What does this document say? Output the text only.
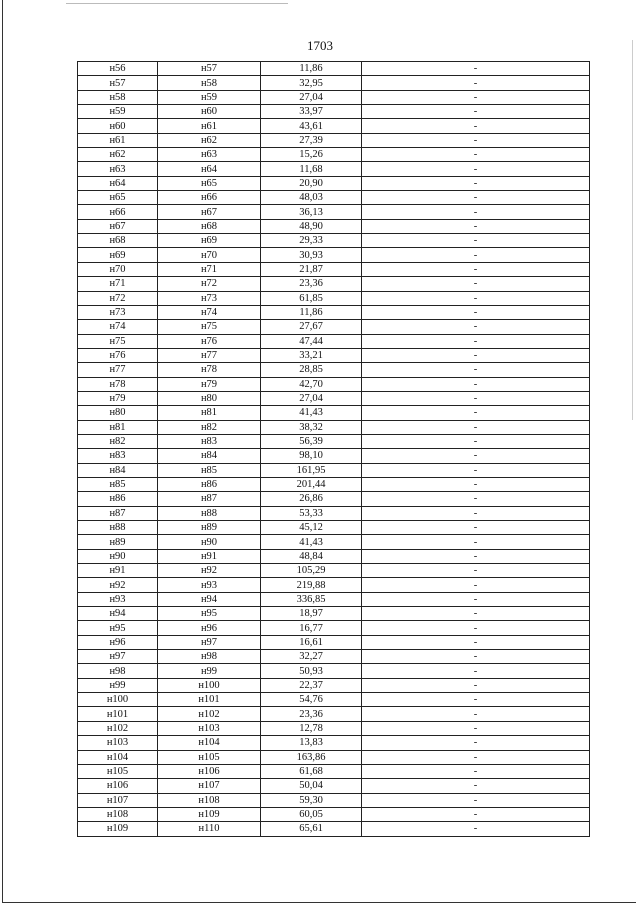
1703
н56	н57	11,86	-
н57	н58	32,95	-
н58	н59	27,04	-
н59	н60	33,97	-
н60	н61	43,61	-
н61	н62	27,39	-
н62	н63	15,26	-
н63	н64	11,68	-
н64	н65	20,90	-
н65	н66	48,03	-
н66	н67	36,13	-
н67	н68	48,90	-
н68	н69	29,33	-
н69	н70	30,93	-
н70	н71	21,87	-
н71	н72	23,36	-
н72	н73	61,85	-
н73	н74	11,86	-
н74	н75	27,67	-
н75	н76	47,44	-
н76	н77	33,21	-
н77	н78	28,85	-
н78	н79	42,70	-
н79	н80	27,04	-
н80	н81	41,43	-
н81	н82	38,32	-
н82	н83	56,39	-
н83	н84	98,10	-
н84	н85	161,95	-
н85	н86	201,44	-
н86	н87	26,86	-
н87	н88	53,33	-
н88	н89	45,12	-
н89	н90	41,43	-
н90	н91	48,84	-
н91	н92	105,29	-
н92	н93	219,88	-
н93	н94	336,85	-
н94	н95	18,97	-
н95	н96	16,77	-
н96	н97	16,61	-
н97	н98	32,27	-
н98	н99	50,93	-
н99	н100	22,37	-
н100	н101	54,76	-
н101	н102	23,36	-
н102	н103	12,78	-
н103	н104	13,83	-
н104	н105	163,86	-
н105	н106	61,68	-
н106	н107	50,04	-
н107	н108	59,30	-
н108	н109	60,05	-
н109	н110	65,61	-
